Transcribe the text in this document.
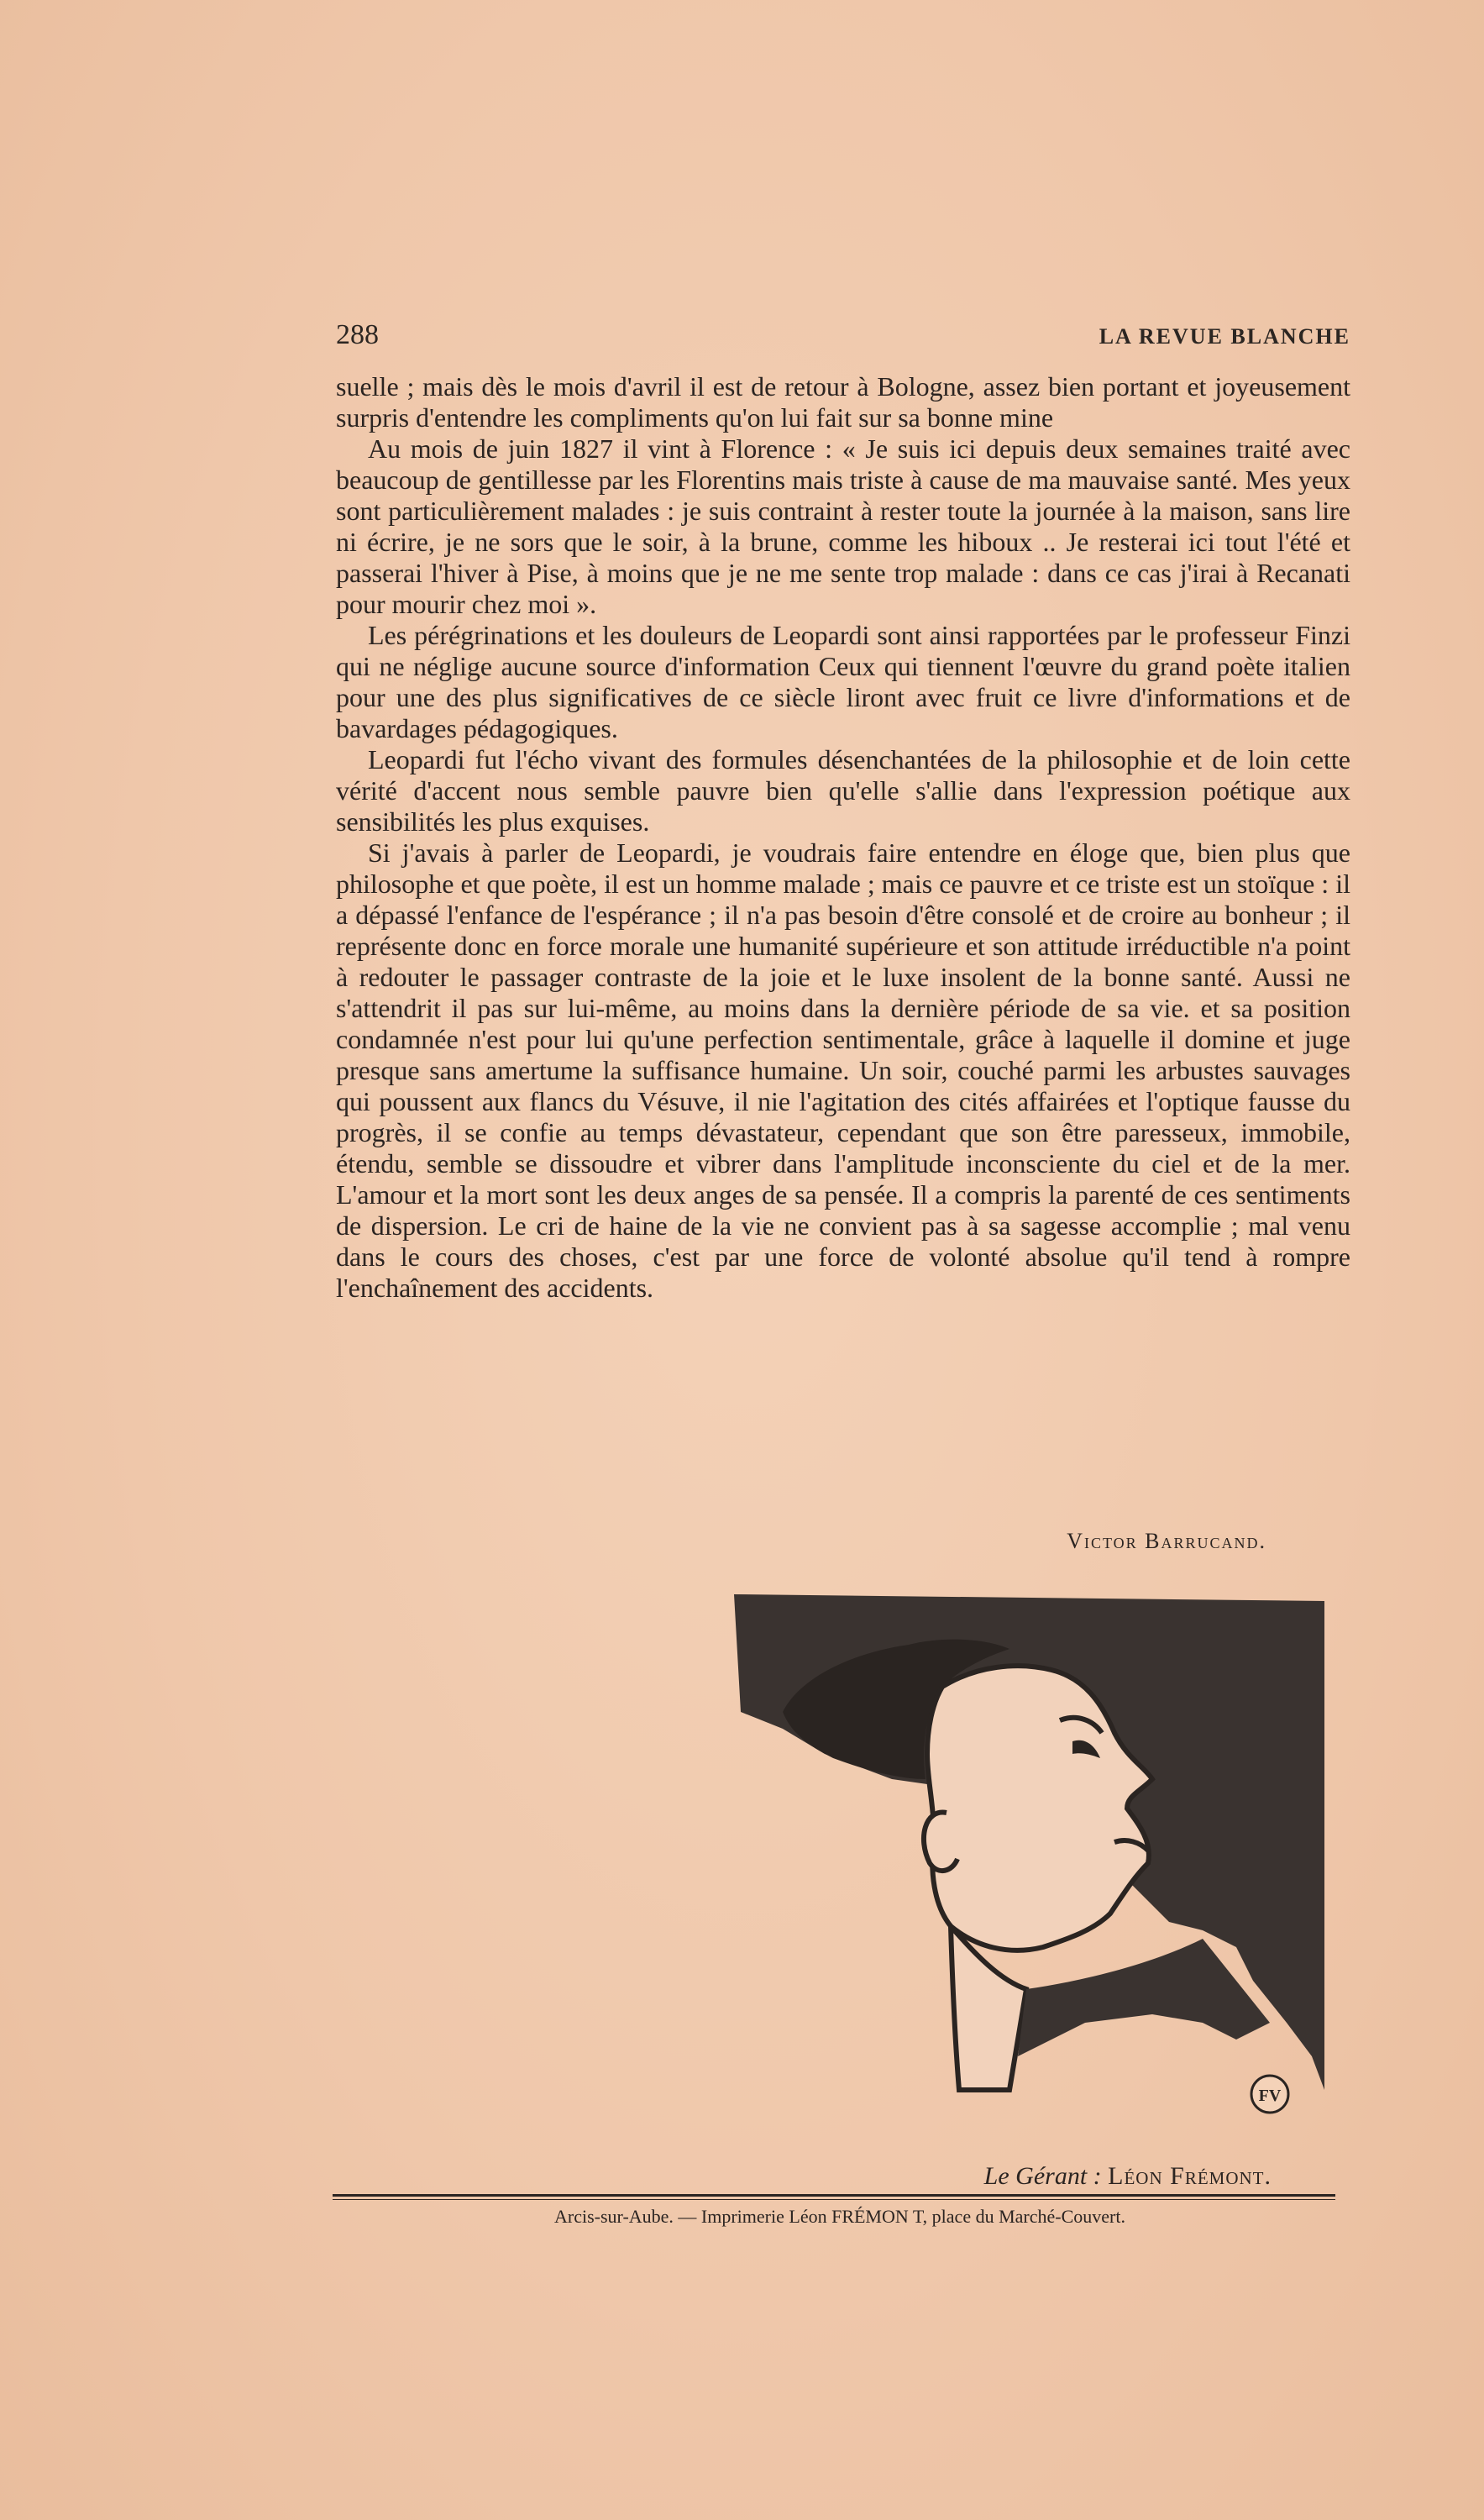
288	LA REVUE BLANCHE

suelle ; mais dès le mois d'avril il est de retour à Bologne, assez bien portant et joyeusement surpris d'entendre les compliments qu'on lui fait sur sa bonne mine

Au mois de juin 1827 il vint à Florence : « Je suis ici depuis deux semaines traité avec beaucoup de gentillesse par les Florentins mais triste à cause de ma mauvaise santé. Mes yeux sont particulièrement malades : je suis contraint à rester toute la journée à la maison, sans lire ni écrire, je ne sors que le soir, à la brune, comme les hiboux .. Je resterai ici tout l'été et passerai l'hiver à Pise, à moins que je ne me sente trop malade : dans ce cas j'irai à Recanati pour mourir chez moi ».

Les pérégrinations et les douleurs de Leopardi sont ainsi rapportées par le professeur Finzi qui ne néglige aucune source d'information Ceux qui tiennent l'œuvre du grand poète italien pour une des plus significatives de ce siècle liront avec fruit ce livre d'informations et de bavardages pédagogiques.

Leopardi fut l'écho vivant des formules désenchantées de la philosophie et de loin cette vérité d'accent nous semble pauvre bien qu'elle s'allie dans l'expression poétique aux sensibilités les plus exquises.

Si j'avais à parler de Leopardi, je voudrais faire entendre en éloge que, bien plus que philosophe et que poète, il est un homme malade ; mais ce pauvre et ce triste est un stoïque : il a dépassé l'enfance de l'espérance ; il n'a pas besoin d'être consolé et de croire au bonheur ; il représente donc en force morale une humanité supérieure et son attitude irréductible n'a point à redouter le passager contraste de la joie et le luxe insolent de la bonne santé. Aussi ne s'attendrit il pas sur lui-même, au moins dans la dernière période de sa vie. et sa position condamnée n'est pour lui qu'une perfection sentimentale, grâce à laquelle il domine et juge presque sans amertume la suffisance humaine. Un soir, couché parmi les arbustes sauvages qui poussent aux flancs du Vésuve, il nie l'agitation des cités affairées et l'optique fausse du progrès, il se confie au temps dévastateur, cependant que son être paresseux, immobile, étendu, semble se dissoudre et vibrer dans l'amplitude inconsciente du ciel et de la mer. L'amour et la mort sont les deux anges de sa pensée. Il a compris la parenté de ces sentiments de dispersion. Le cri de haine de la vie ne convient pas à sa sagesse accomplie ; mal venu dans le cours des choses, c'est par une force de volonté absolue qu'il tend à rompre l'enchaînement des accidents.

Victor Barrucand.
FV
Le Gérant : Léon Frémont.
Arcis-sur-Aube. — Imprimerie Léon FRÉMON T, place du Marché-Couvert.
